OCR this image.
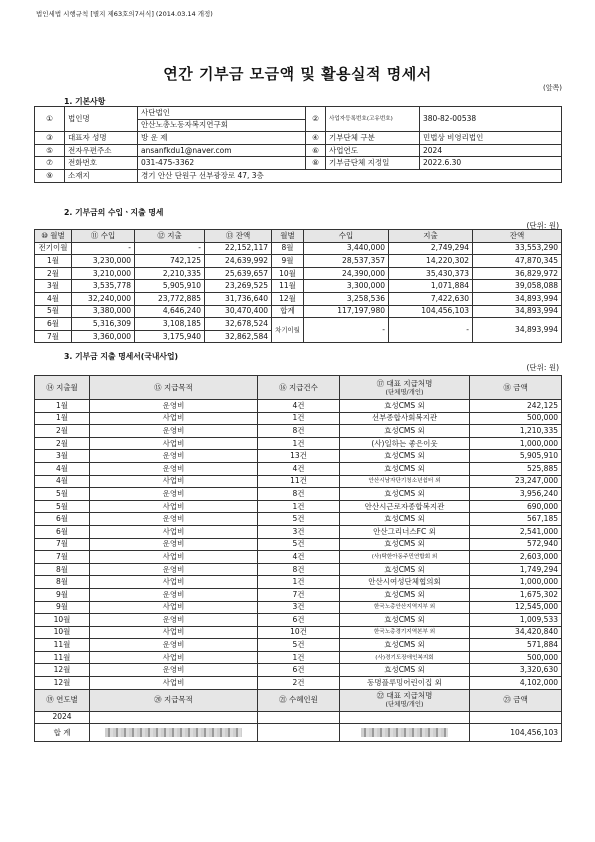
법인세법 시행규칙 [별지 제63호의7서식] (2014.03.14 개정)
연간 기부금 모금액 및 활용실적 명세서
(앞쪽)
1. 기본사항
①	법인명	사단법인	②	사업자등록번호(고유번호)	380-82-00538
		안산노총노동자복지연구회			
③	대표자 성명	방 운 제	④	기부단체 구분	민법상 비영리법인
⑤	전자우편주소	ansanfkdu1@naver.com	⑥	사업연도	2024
⑦	전화번호	031-475-3362	⑧	기부금단체 지정일	2022.6.30
⑨	소재지	경기 안산 단원구 선부광장로 47, 3층			
2. 기부금의 수입ㆍ지출 명세
(단위: 원)
⑩ 월별	⑪ 수입	⑫ 지출	⑬ 잔액	월별	수입	지출	잔액
전기이월	-	-	22,152,117	8월	3,440,000	2,749,294	33,553,290
1월	3,230,000	742,125	24,639,992	9월	28,537,357	14,220,302	47,870,345
2월	3,210,000	2,210,335	25,639,657	10월	24,390,000	35,430,373	36,829,972
3월	3,535,778	5,905,910	23,269,525	11월	3,300,000	1,071,884	39,058,088
4월	32,240,000	23,772,885	31,736,640	12월	3,258,536	7,422,630	34,893,994
5월	3,380,000	4,646,240	30,470,400	합계	117,197,980	104,456,103	34,893,994
6월	5,316,309	3,108,185	32,678,524	차기이월	-	-	34,893,994
7월	3,360,000	3,175,940	32,862,584				
3. 기부금 지출 명세서(국내사업)
(단위: 원)
⑭ 지출월	⑮ 지급목적	⑯ 지급건수	⑰ 대표 지급처명
(단체명/개인)	⑱ 금액
1월	운영비	4건	효성CMS 외	242,125
1월	사업비	1건	선부종합사회복지관	500,000
2월	운영비	8건	효성CMS 외	1,210,335
2월	사업비	1건	(사)일하는 좋은이웃	1,000,000
3월	운영비	13건	효성CMS 외	5,905,910
4월	운영비	4건	효성CMS 외	525,885
4월	사업비	11건	안산시남자단기청소년쉼터 외	23,247,000
5월	운영비	8건	효성CMS 외	3,956,240
5월	사업비	1건	안산시근로자종합복지관	690,000
6월	운영비	5건	효성CMS 외	567,185
6월	사업비	3건	안산그리너스FC 외	2,541,000
7월	운영비	5건	효성CMS 외	572,940
7월	사업비	4건	(사)탁한아동주민연합회 외	2,603,000
8월	운영비	8건	효성CMS 외	1,749,294
8월	사업비	1건	안산시여성단체협의회	1,000,000
9월	운영비	7건	효성CMS 외	1,675,302
9월	사업비	3건	한국노총안산지역지부 외	12,545,000
10월	운영비	6건	효성CMS 외	1,009,533
10월	사업비	10건	한국노총경기지역본부 외	34,420,840
11월	운영비	5건	효성CMS 외	571,884
11월	사업비	1건	(사)경기도장애인복지회	500,000
12월	운영비	6건	효성CMS 외	3,320,630
12월	사업비	2건	동명플루밍어린이집 외	4,102,000
⑲ 연도별	⑳ 지급목적	㉑ 수혜인원	㉒ 대표 지급처명
(단체명/개인)	㉓ 금액
2024				
합 계				104,456,103
